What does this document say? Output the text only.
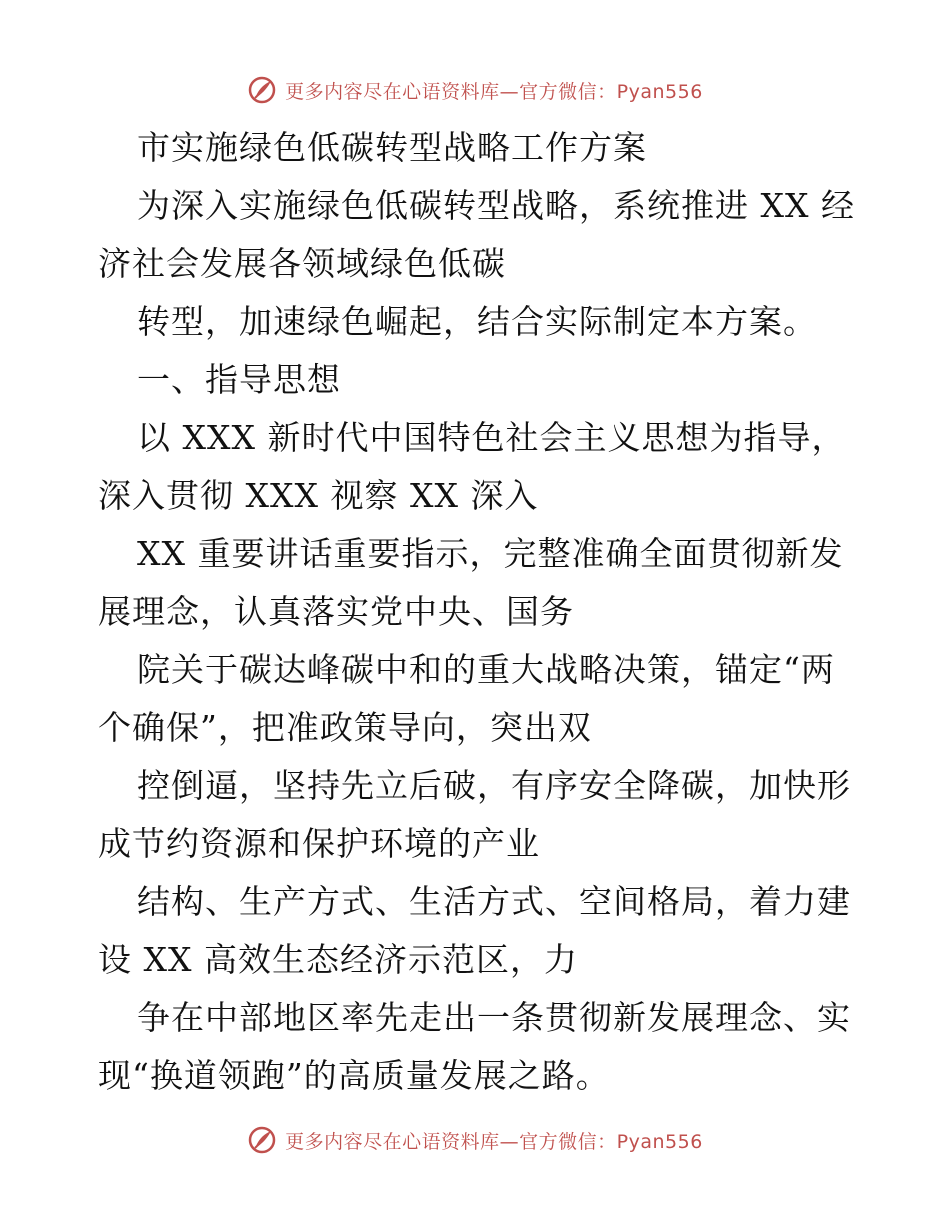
更多内容尽在心语资料库—官方微信：Pyan556
市实施绿色低碳转型战略工作方案
为深入实施绿色低碳转型战略，系统推进 XX 经
济社会发展各领域绿色低碳
转型，加速绿色崛起，结合实际制定本方案。
一、指导思想
以 XXX 新时代中国特色社会主义思想为指导，
深入贯彻 XXX 视察 XX 深入
XX 重要讲话重要指示，完整准确全面贯彻新发
展理念，认真落实党中央、国务
院关于碳达峰碳中和的重大战略决策，锚定“两
个确保”，把准政策导向，突出双
控倒逼，坚持先立后破，有序安全降碳，加快形
成节约资源和保护环境的产业
结构、生产方式、生活方式、空间格局，着力建
设 XX 高效生态经济示范区，力
争在中部地区率先走出一条贯彻新发展理念、实
现“换道领跑”的高质量发展之路。
更多内容尽在心语资料库—官方微信：Pyan556
